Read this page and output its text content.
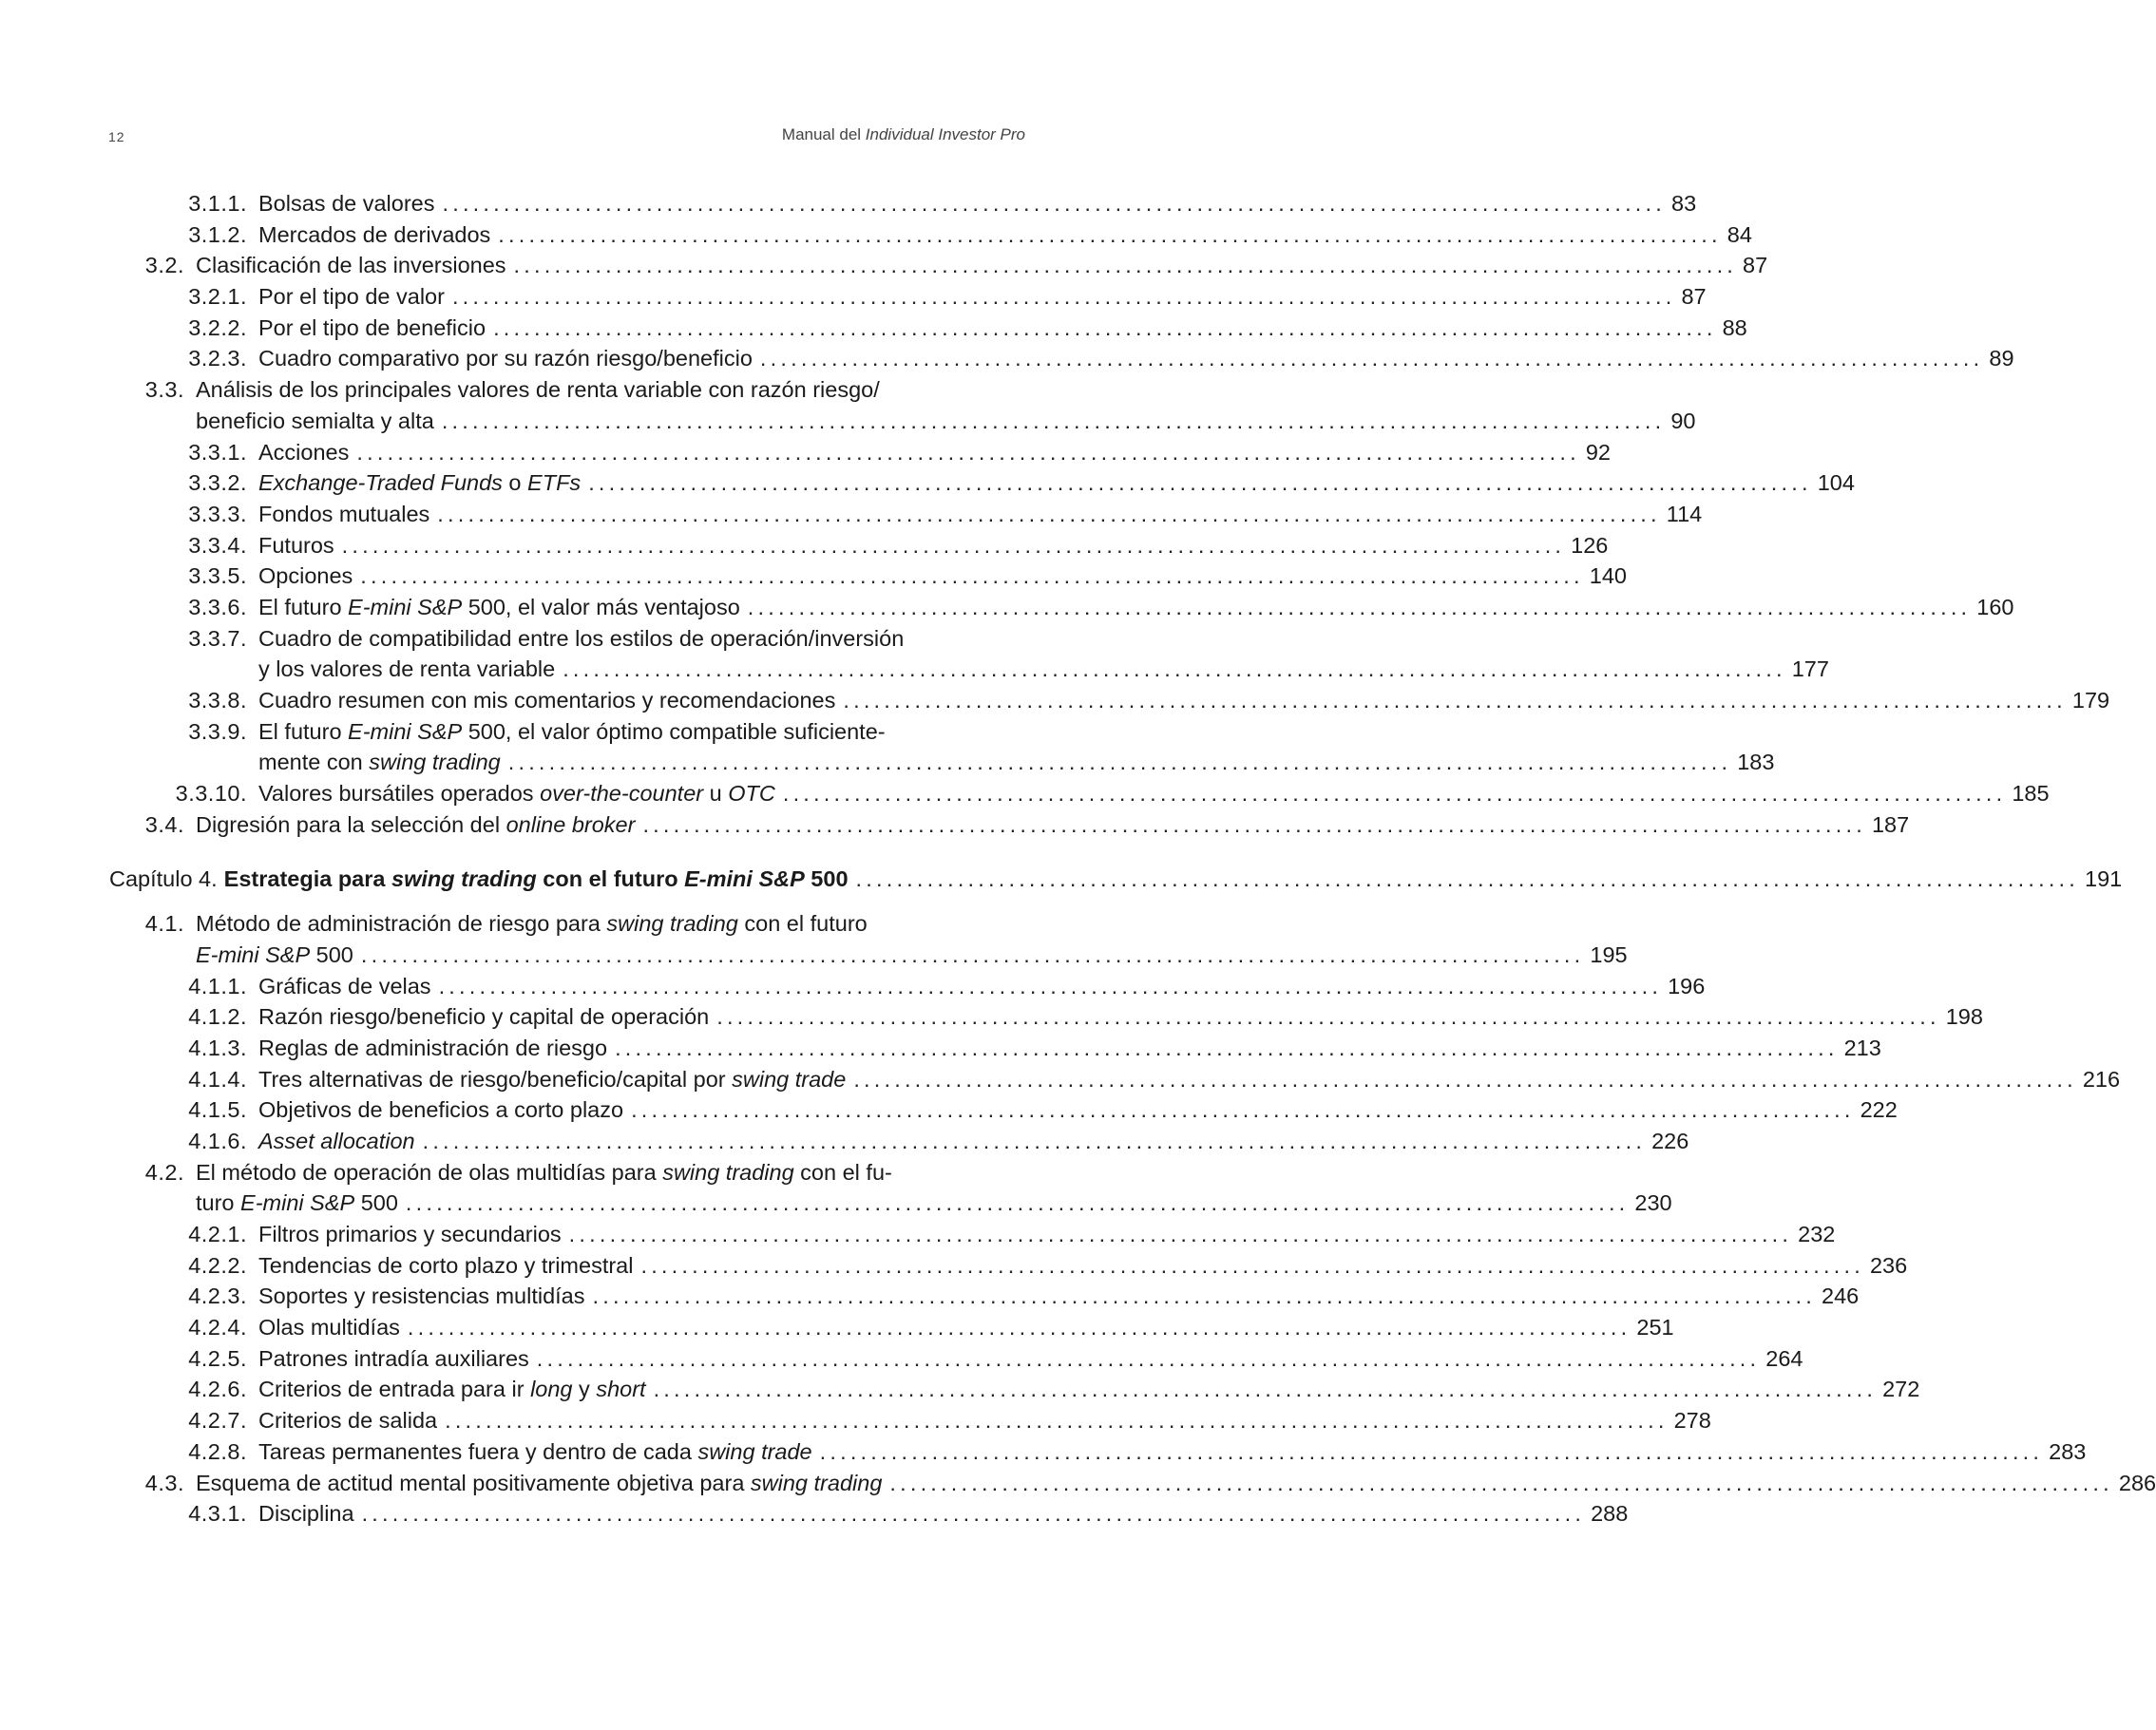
12	Manual del Individual Investor Pro
3.1.1. Bolsas de valores ........................................................................................................................ 83
3.1.2. Mercados de derivados ........................................................................................................................ 84
3.2. Clasificación de las inversiones ........................................................................................................................ 87
3.2.1. Por el tipo de valor ........................................................................................................................ 87
3.2.2. Por el tipo de beneficio ........................................................................................................................ 88
3.2.3. Cuadro comparativo por su razón riesgo/beneficio ........................................................................................................................ 89
3.3. Análisis de los principales valores de renta variable con razón riesgo/
beneficio semialta y alta ........................................................................................................................ 90
3.3.1. Acciones ........................................................................................................................ 92
3.3.2. Exchange-Traded Funds o ETFs ........................................................................................................................ 104
3.3.3. Fondos mutuales ........................................................................................................................ 114
3.3.4. Futuros ........................................................................................................................ 126
3.3.5. Opciones ........................................................................................................................ 140
3.3.6. El futuro E-mini S&P 500, el valor más ventajoso ........................................................................................................................ 160
3.3.7. Cuadro de compatibilidad entre los estilos de operación/inversión
y los valores de renta variable ........................................................................................................................ 177
3.3.8. Cuadro resumen con mis comentarios y recomendaciones ........................................................................................................................ 179
3.3.9. El futuro E-mini S&P 500, el valor óptimo compatible suficiente-
mente con swing trading ........................................................................................................................ 183
3.3.10. Valores bursátiles operados over-the-counter u OTC ........................................................................................................................ 185
3.4. Digresión para la selección del online broker ........................................................................................................................ 187
Capítulo 4. Estrategia para swing trading con el futuro E-mini S&P 500 ........................................................................................................................ 191
4.1. Método de administración de riesgo para swing trading con el futuro
E-mini S&P 500 ........................................................................................................................ 195
4.1.1. Gráficas de velas ........................................................................................................................ 196
4.1.2. Razón riesgo/beneficio y capital de operación ........................................................................................................................ 198
4.1.3. Reglas de administración de riesgo ........................................................................................................................ 213
4.1.4. Tres alternativas de riesgo/beneficio/capital por swing trade ........................................................................................................................ 216
4.1.5. Objetivos de beneficios a corto plazo ........................................................................................................................ 222
4.1.6. Asset allocation ........................................................................................................................ 226
4.2. El método de operación de olas multidías para swing trading con el fu-
turo E-mini S&P 500 ........................................................................................................................ 230
4.2.1. Filtros primarios y secundarios ........................................................................................................................ 232
4.2.2. Tendencias de corto plazo y trimestral ........................................................................................................................ 236
4.2.3. Soportes y resistencias multidías ........................................................................................................................ 246
4.2.4. Olas multidías ........................................................................................................................ 251
4.2.5. Patrones intradía auxiliares ........................................................................................................................ 264
4.2.6. Criterios de entrada para ir long y short ........................................................................................................................ 272
4.2.7. Criterios de salida ........................................................................................................................ 278
4.2.8. Tareas permanentes fuera y dentro de cada swing trade ........................................................................................................................ 283
4.3. Esquema de actitud mental positivamente objetiva para swing trading ........................................................................................................................ 286
4.3.1. Disciplina ........................................................................................................................ 288
